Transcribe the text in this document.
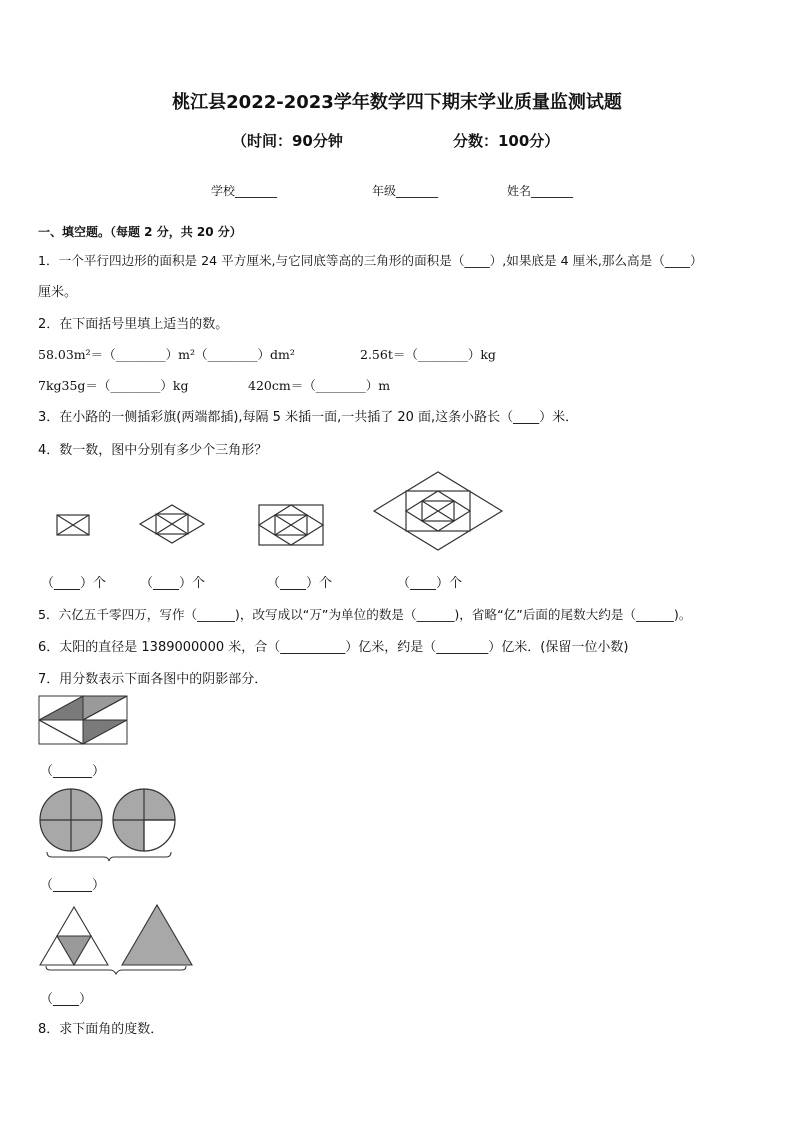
桃江县2022-2023学年数学四下期末学业质量监测试题
（时间：90分钟	分数：100分）
学校_______	年级_______	姓名_______
一、填空题。（每题 2 分，共 20 分）
1．一个平行四边形的面积是 24 平方厘米,与它同底等高的三角形的面积是（____）,如果底是 4 厘米,那么高是（____）
厘米。
2．在下面括号里填上适当的数。
58.03m²＝（________）m²（________）dm²	2.56t＝（________）kg
7kg35g＝（________）kg	420cm＝（________）m
3．在小路的一侧插彩旗(两端都插),每隔 5 米插一面,一共插了 20 面,这条小路长（____）米．
4．数一数，图中分别有多少个三角形？
（____）个	（____）个	（____）个	（____）个
5．六亿五千零四万，写作（______)，改写成以“万”为单位的数是（______)，省略“亿”后面的尾数大约是（______)。
6．太阳的直径是 1389000000 米，合（__________）亿米，约是（________）亿米．(保留一位小数)
7．用分数表示下面各图中的阴影部分．
（______）
（______）
（____）
8．求下面角的度数．
